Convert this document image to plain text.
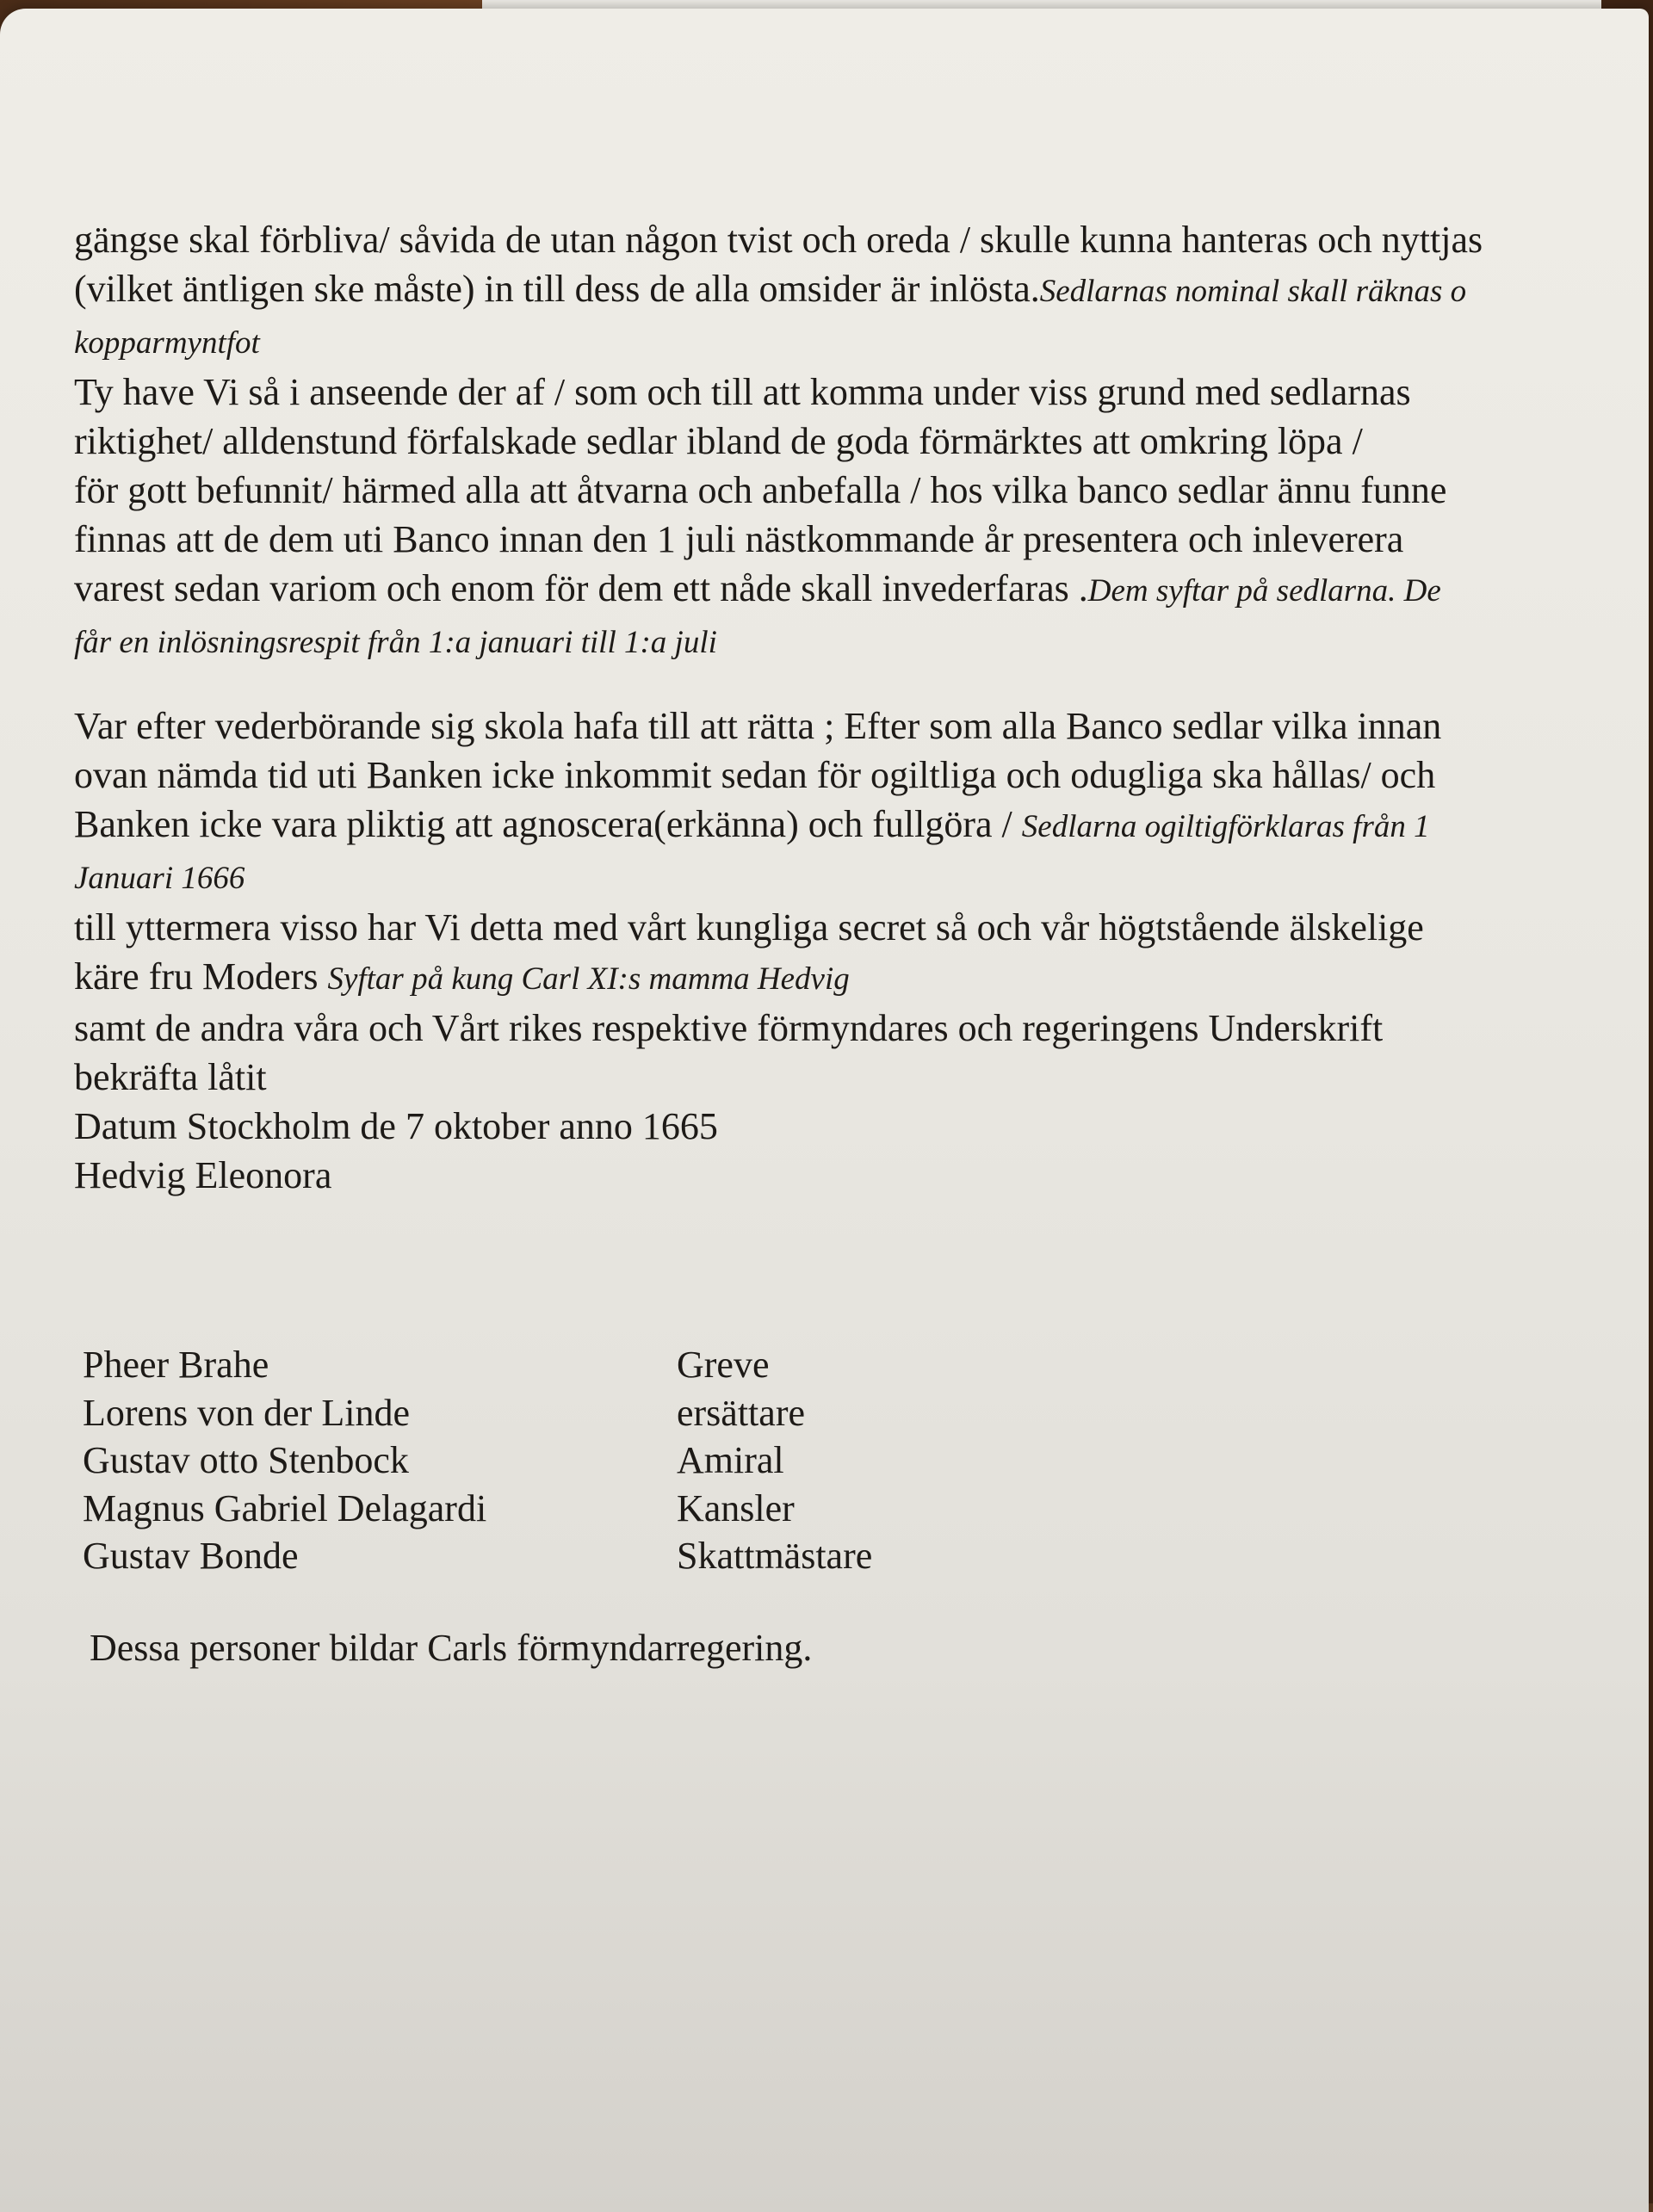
gängse skal förbliva/ såvida de utan någon tvist och oreda / skulle kunna hanteras och nyttjas (vilket äntligen ske måste) in till dess de alla omsider är inlösta.Sedlarnas nominal skall räknas o kopparmyntfot

Ty have Vi så i anseende der af / som och till att komma under viss grund med sedlarnas riktighet/ alldenstund förfalskade sedlar ibland de goda förmärktes att omkring löpa /

för gott befunnit/ härmed alla att åtvarna och anbefalla / hos vilka banco sedlar ännu funne finnas att de dem uti Banco innan den 1 juli nästkommande år presentera och inleverera varest sedan variom och enom för dem ett nåde skall invederfaras .Dem syftar på sedlarna. De får en inlösningsrespit från 1:a januari till 1:a juli

Var efter vederbörande sig skola hafa till att rätta ; Efter som alla Banco sedlar vilka innan ovan nämda tid uti Banken icke inkommit sedan för ogiltliga och odugliga ska hållas/ och Banken icke vara pliktig att agnoscera(erkänna) och fullgöra / Sedlarna ogiltigförklaras från 1 Januari 1666

till yttermera visso har Vi detta med vårt kungliga secret så och vår högtstående älskelige käre fru Moders Syftar på kung Carl XI:s mamma Hedvig

samt de andra våra och Vårt rikes respektive förmyndares och regeringens Underskrift bekräfta låtit

Datum Stockholm de 7 oktober anno 1665

Hedvig Eleonora

Pheer Brahe	Greve
Lorens von der Linde	ersättare
Gustav otto Stenbock	Amiral
Magnus Gabriel Delagardi	Kansler
Gustav Bonde	Skattmästare
Dessa personer bildar Carls förmyndarregering.
